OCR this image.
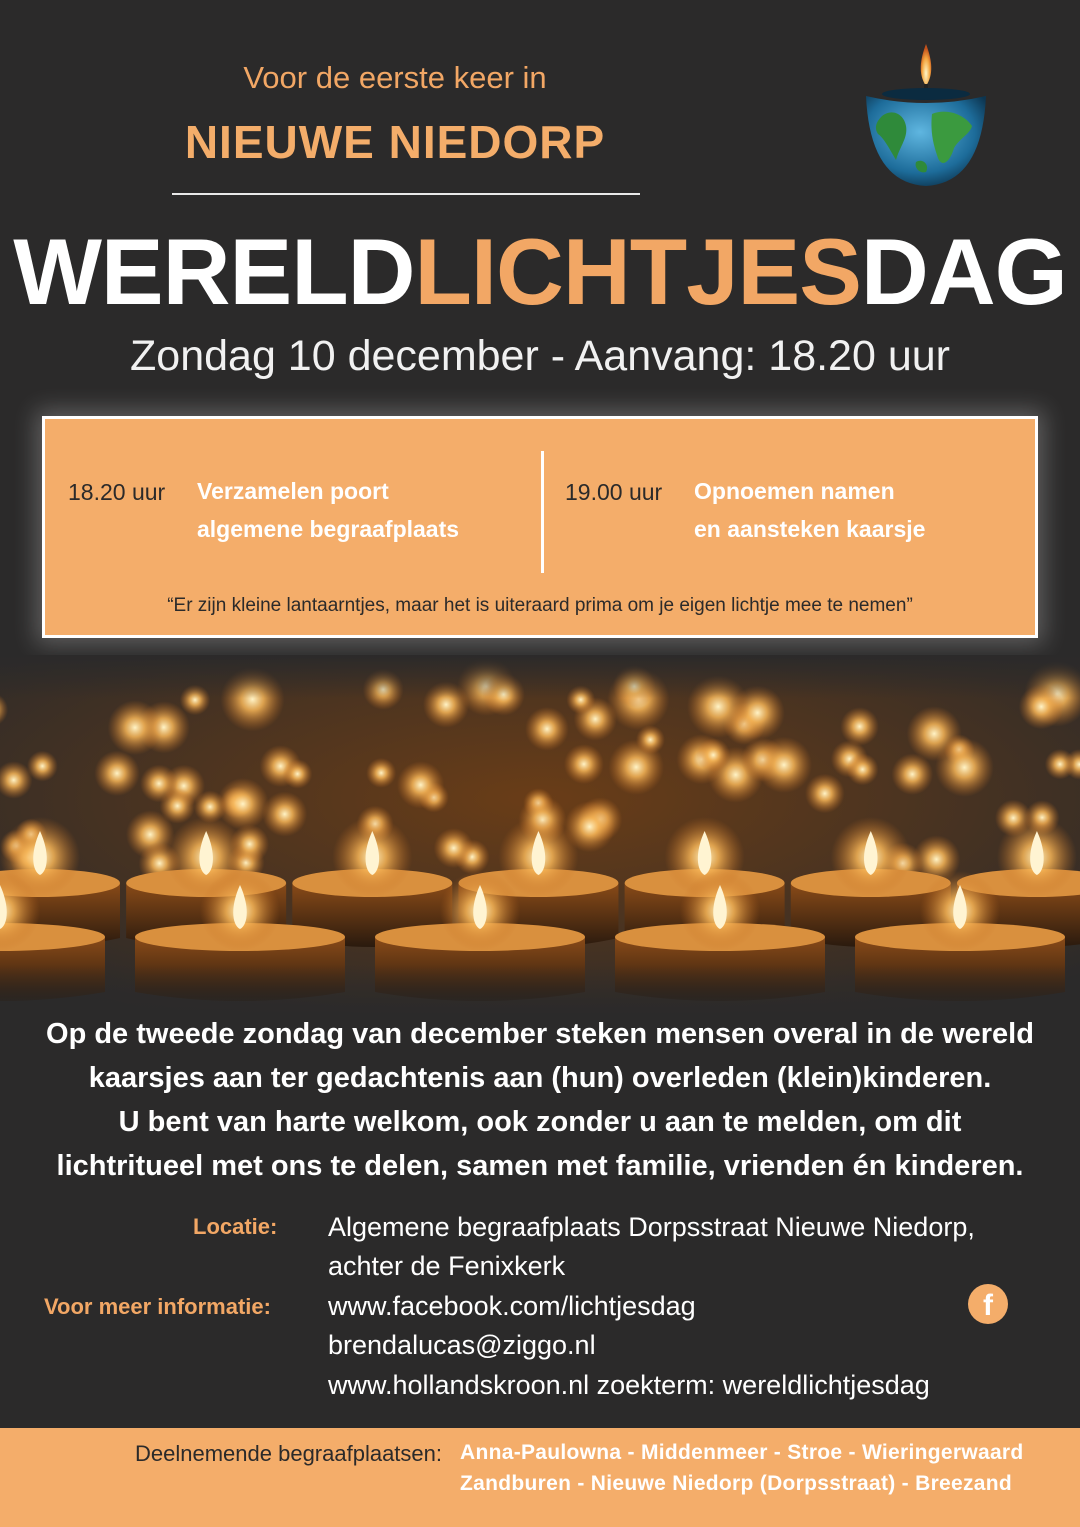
Voor de eerste keer in
NIEUWE NIEDORP
WERELDLICHTJESDAG
Zondag 10 december - Aanvang: 18.20 uur
18.20 uur Verzamelen poort
algemene begraafplaats
19.00 uur Opnoemen namen
en aansteken kaarsje
“Er zijn kleine lantaarntjes, maar het is uiteraard prima om je eigen lichtje mee te nemen”
Op de tweede zondag van december steken mensen overal in de wereld
kaarsjes aan ter gedachtenis aan (hun) overleden (klein)kinderen.
U bent van harte welkom, ook zonder u aan te melden, om dit
lichtritueel met ons te delen, samen met familie, vrienden én kinderen.
Locatie: Algemene begraafplaats Dorpsstraat Nieuwe Niedorp,
achter de Fenixkerk
Voor meer informatie: www.facebook.com/lichtjesdag
brendalucas@ziggo.nl
www.hollandskroon.nl zoekterm: wereldlichtjesdag
f
Deelnemende begraafplaatsen: Anna-Paulowna - Middenmeer - Stroe - Wieringerwaard
Zandburen - Nieuwe Niedorp (Dorpsstraat) - Breezand
